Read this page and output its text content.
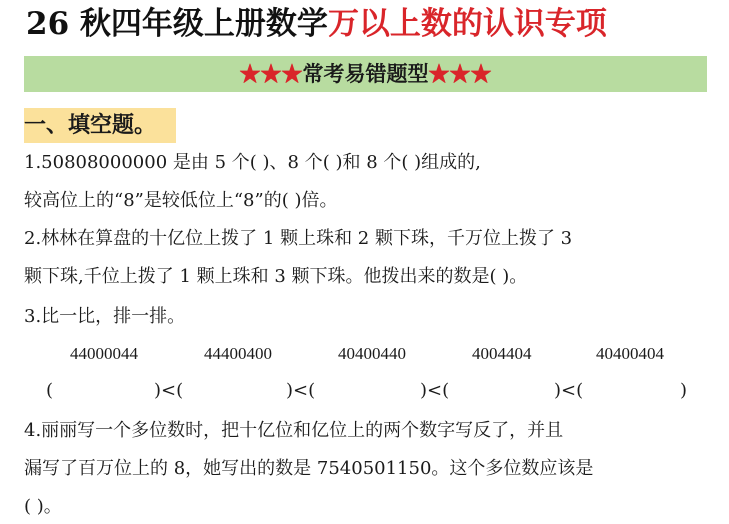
26 秋四年级上册数学万以上数的认识专项
★★★常考易错题型★★★
一、填空题。
1.50808000000 是由 5 个( )、8 个( )和 8 个( )组成的,
较高位上的“8”是较低位上“8”的( )倍。
2.林林在算盘的十亿位上拨了 1 颗上珠和 2 颗下珠，千万位上拨了 3
颗下珠,千位上拨了 1 颗上珠和 3 颗下珠。他拨出来的数是( )。
3.比一比，排一排。
44000044	44400400	40400440	4004404	40400404
(	)<(	)<(	)<(	)<(	)
4.丽丽写一个多位数时，把十亿位和亿位上的两个数字写反了，并且
漏写了百万位上的 8，她写出的数是 7540501150。这个多位数应该是
( )。
